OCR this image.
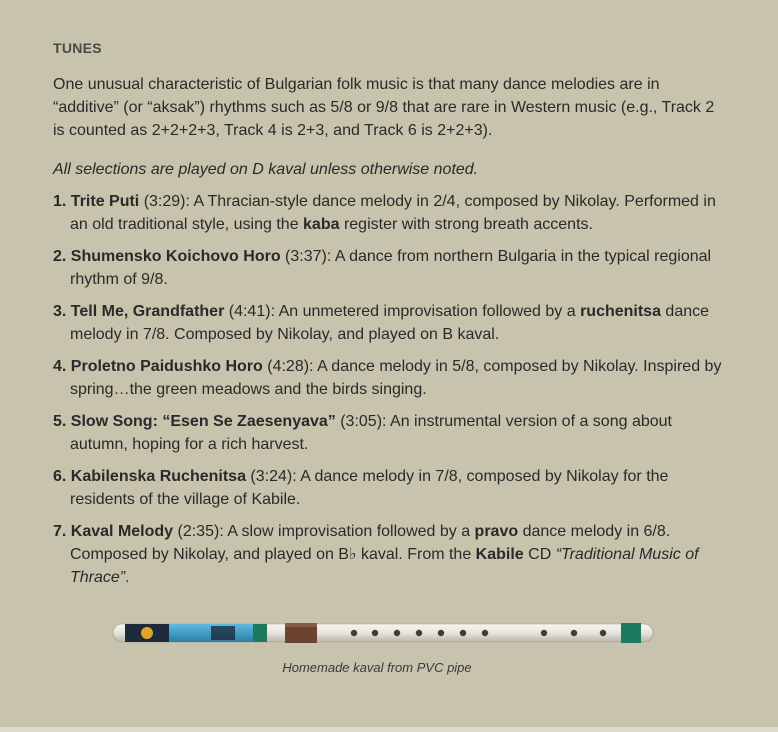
TUNES

One unusual characteristic of Bulgarian folk music is that many dance melodies are in “additive” (or “aksak”) rhythms such as 5/8 or 9/8 that are rare in Western music (e.g., Track 2 is counted as 2+2+2+3, Track 4 is 2+3, and Track 6 is 2+2+3).

All selections are played on D kaval unless otherwise noted.

1. Trite Puti (3:29): A Thracian-style dance melody in 2/4, composed by Nikolay. Performed in an old traditional style, using the kaba register with strong breath accents.
2. Shumensko Koichovo Horo (3:37): A dance from northern Bulgaria in the typical regional rhythm of 9/8.
3. Tell Me, Grandfather (4:41): An unmetered improvisation followed by a ruchenitsa dance melody in 7/8. Composed by Nikolay, and played on B kaval.
4. Proletno Paidushko Horo (4:28): A dance melody in 5/8, composed by Nikolay. Inspired by spring…the green meadows and the birds singing.
5. Slow Song: “Esen Se Zaesenyava” (3:05): An instrumental version of a song about autumn, hoping for a rich harvest.
6. Kabilenska Ruchenitsa (3:24): A dance melody in 7/8, composed by Nikolay for the residents of the village of Kabile.
7. Kaval Melody (2:35): A slow improvisation followed by a pravo dance melody in 6/8. Composed by Nikolay, and played on B♭ kaval. From the Kabile CD “Traditional Music of Thrace”.
Homemade kaval from PVC pipe
